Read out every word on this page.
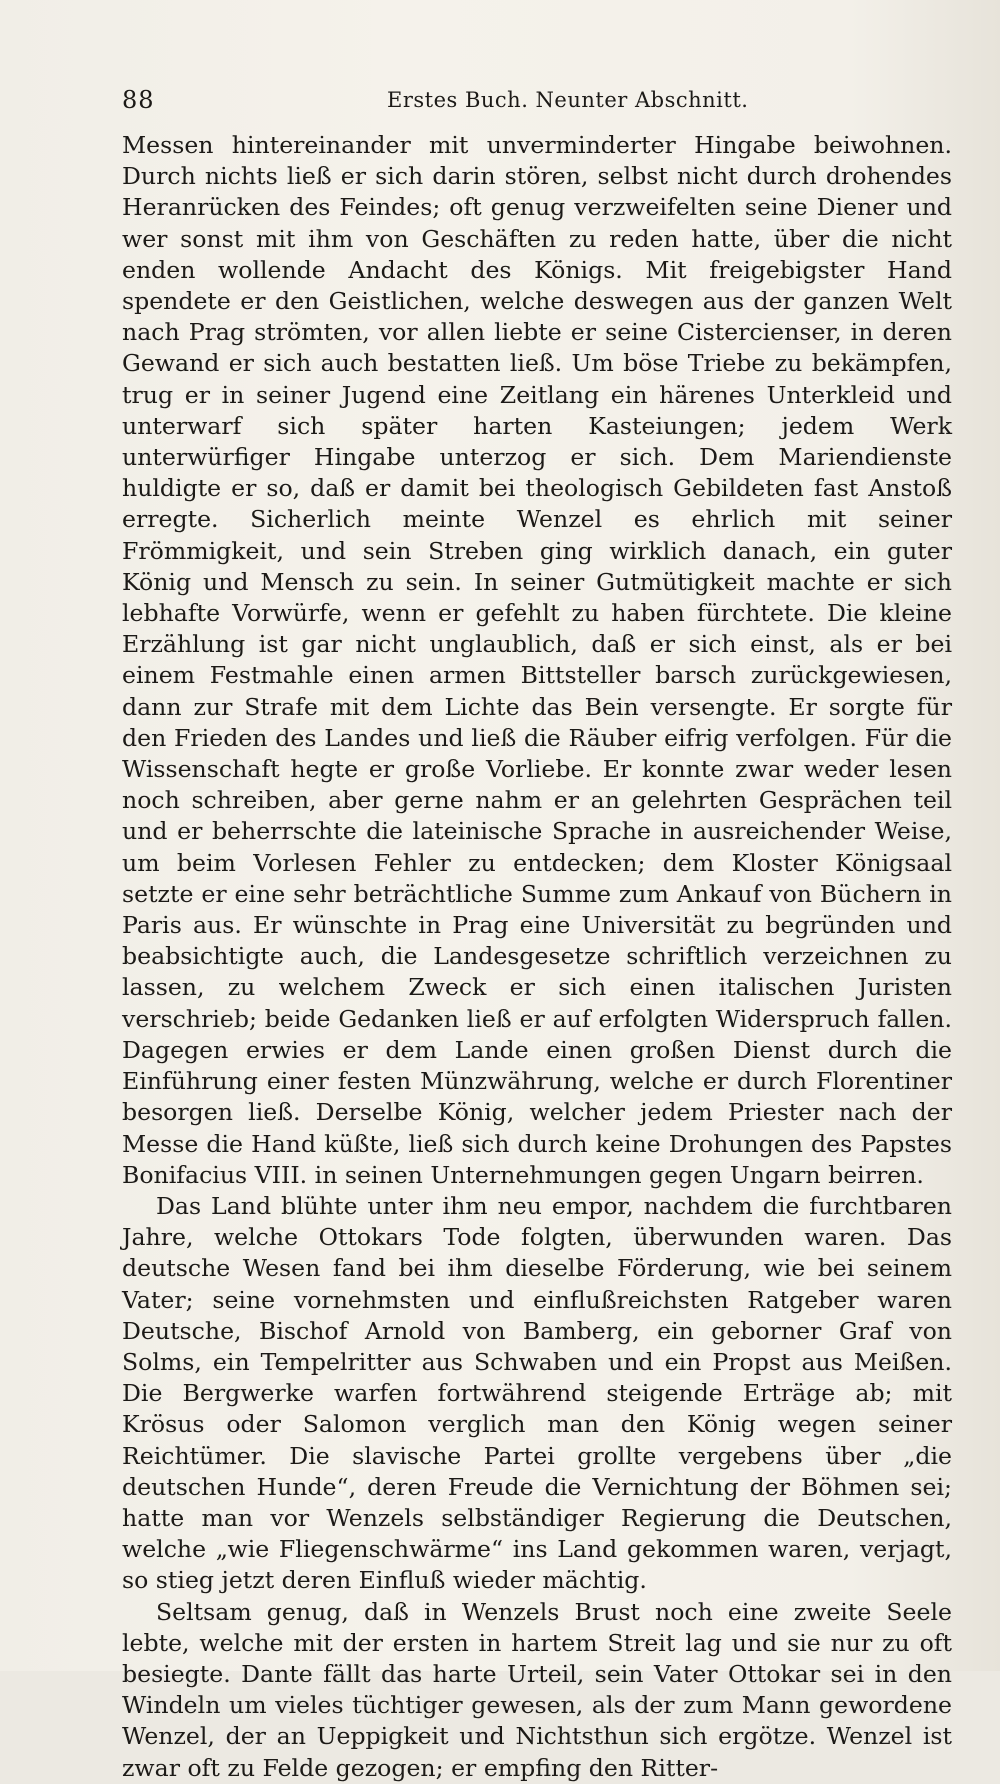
88	Erstes Buch. Neunter Abschnitt.

Messen hintereinander mit unverminderter Hingabe beiwohnen. Durch nichts ließ er sich darin stören, selbst nicht durch drohendes Heranrücken des Feindes; oft genug verzweifelten seine Diener und wer sonst mit ihm von Geschäften zu reden hatte, über die nicht enden wollende Andacht des Königs. Mit freigebigster Hand spendete er den Geistlichen, welche deswegen aus der ganzen Welt nach Prag strömten, vor allen liebte er seine Cistercienser, in deren Gewand er sich auch bestatten ließ. Um böse Triebe zu bekämpfen, trug er in seiner Jugend eine Zeitlang ein härenes Unterkleid und unterwarf sich später harten Kasteiungen; jedem Werk unterwürfiger Hingabe unterzog er sich. Dem Mariendienste huldigte er so, daß er damit bei theologisch Gebildeten fast Anstoß erregte. Sicherlich meinte Wenzel es ehrlich mit seiner Frömmigkeit, und sein Streben ging wirklich danach, ein guter König und Mensch zu sein. In seiner Gutmütigkeit machte er sich lebhafte Vorwürfe, wenn er gefehlt zu haben fürchtete. Die kleine Erzählung ist gar nicht unglaublich, daß er sich einst, als er bei einem Festmahle einen armen Bittsteller barsch zurückgewiesen, dann zur Strafe mit dem Lichte das Bein versengte. Er sorgte für den Frieden des Landes und ließ die Räuber eifrig verfolgen. Für die Wissenschaft hegte er große Vorliebe. Er konnte zwar weder lesen noch schreiben, aber gerne nahm er an gelehrten Gesprächen teil und er beherrschte die lateinische Sprache in ausreichender Weise, um beim Vorlesen Fehler zu entdecken; dem Kloster Königsaal setzte er eine sehr beträchtliche Summe zum Ankauf von Büchern in Paris aus. Er wünschte in Prag eine Universität zu begründen und beabsichtigte auch, die Landesgesetze schriftlich verzeichnen zu lassen, zu welchem Zweck er sich einen italischen Juristen verschrieb; beide Gedanken ließ er auf erfolgten Widerspruch fallen. Dagegen erwies er dem Lande einen großen Dienst durch die Einführung einer festen Münzwährung, welche er durch Florentiner besorgen ließ. Derselbe König, welcher jedem Priester nach der Messe die Hand küßte, ließ sich durch keine Drohungen des Papstes Bonifacius VIII. in seinen Unternehmungen gegen Ungarn beirren.

Das Land blühte unter ihm neu empor, nachdem die furchtbaren Jahre, welche Ottokars Tode folgten, überwunden waren. Das deutsche Wesen fand bei ihm dieselbe Förderung, wie bei seinem Vater; seine vornehmsten und einflußreichsten Ratgeber waren Deutsche, Bischof Arnold von Bamberg, ein geborner Graf von Solms, ein Tempelritter aus Schwaben und ein Propst aus Meißen. Die Bergwerke warfen fortwährend steigende Erträge ab; mit Krösus oder Salomon verglich man den König wegen seiner Reichtümer. Die slavische Partei grollte vergebens über „die deutschen Hunde“, deren Freude die Vernichtung der Böhmen sei; hatte man vor Wenzels selbständiger Regierung die Deutschen, welche „wie Fliegenschwärme“ ins Land gekommen waren, verjagt, so stieg jetzt deren Einfluß wieder mächtig.

Seltsam genug, daß in Wenzels Brust noch eine zweite Seele lebte, welche mit der ersten in hartem Streit lag und sie nur zu oft besiegte. Dante fällt das harte Urteil, sein Vater Ottokar sei in den Windeln um vieles tüchtiger gewesen, als der zum Mann gewordene Wenzel, der an Ueppigkeit und Nichtsthun sich ergötze. Wenzel ist zwar oft zu Felde gezogen; er empfing den Ritter-
